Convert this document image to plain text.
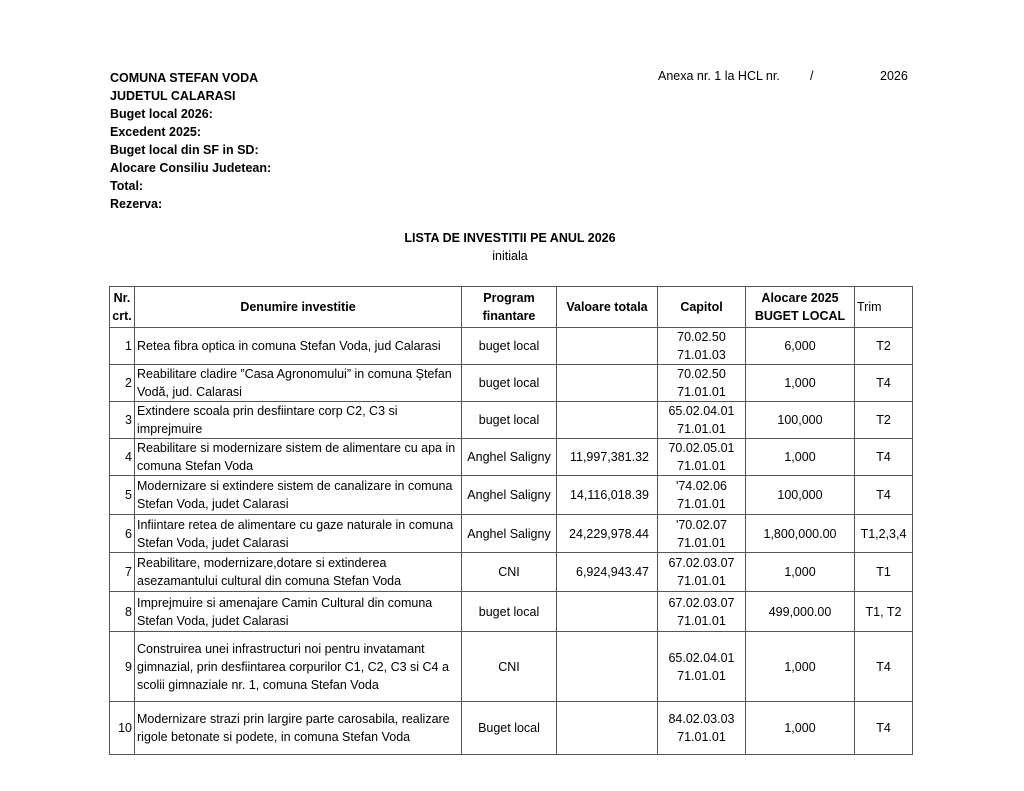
COMUNA STEFAN VODA
JUDETUL CALARASI
Buget local 2026:
Excedent 2025:
Buget local din SF in SD:
Alocare Consiliu Judetean:
Total:
Rezerva:
Anexa nr. 1 la HCL nr. /	2026
LISTA DE INVESTITII PE ANUL 2026
initiala
Nr. crt.	Denumire investitie	Program finantare	Valoare totala	Capitol	Alocare 2025 BUGET LOCAL	Trim
1	Retea fibra optica in comuna Stefan Voda, jud Calarasi	buget local		70.02.50
71.01.03	6,000	T2
2	Reabilitare cladire ”Casa Agronomului” in comuna Ștefan Vodă, jud. Calarasi	buget local		70.02.50
71.01.01	1,000	T4
3	Extindere scoala prin desfiintare corp C2, C3 si imprejmuire	buget local		65.02.04.01
71.01.01	100,000	T2
4	Reabilitare si modernizare sistem de alimentare cu apa in comuna Stefan Voda	Anghel Saligny	11,997,381.32	70.02.05.01
71.01.01	1,000	T4
5	Modernizare si extindere sistem de canalizare in comuna Stefan Voda, judet Calarasi	Anghel Saligny	14,116,018.39	'74.02.06
71.01.01	100,000	T4
6	Infiintare retea de alimentare cu gaze naturale in comuna Stefan Voda, judet Calarasi	Anghel Saligny	24,229,978.44	'70.02.07
71.01.01	1,800,000.00	T1,2,3,4
7	Reabilitare, modernizare,dotare si extinderea asezamantului cultural din comuna Stefan Voda	CNI	6,924,943.47	67.02.03.07
71.01.01	1,000	T1
8	Imprejmuire si amenajare Camin Cultural din comuna Stefan Voda, judet Calarasi	buget local		67.02.03.07
71.01.01	499,000.00	T1, T2
9	Construirea unei infrastructuri noi pentru invatamant gimnazial, prin desfiintarea corpurilor C1, C2, C3 si C4 a scolii gimnaziale nr. 1, comuna Stefan Voda	CNI		65.02.04.01
71.01.01	1,000	T4
10	Modernizare strazi prin largire parte carosabila, realizare rigole betonate si podete, in comuna Stefan Voda	Buget local		84.02.03.03
71.01.01	1,000	T4
